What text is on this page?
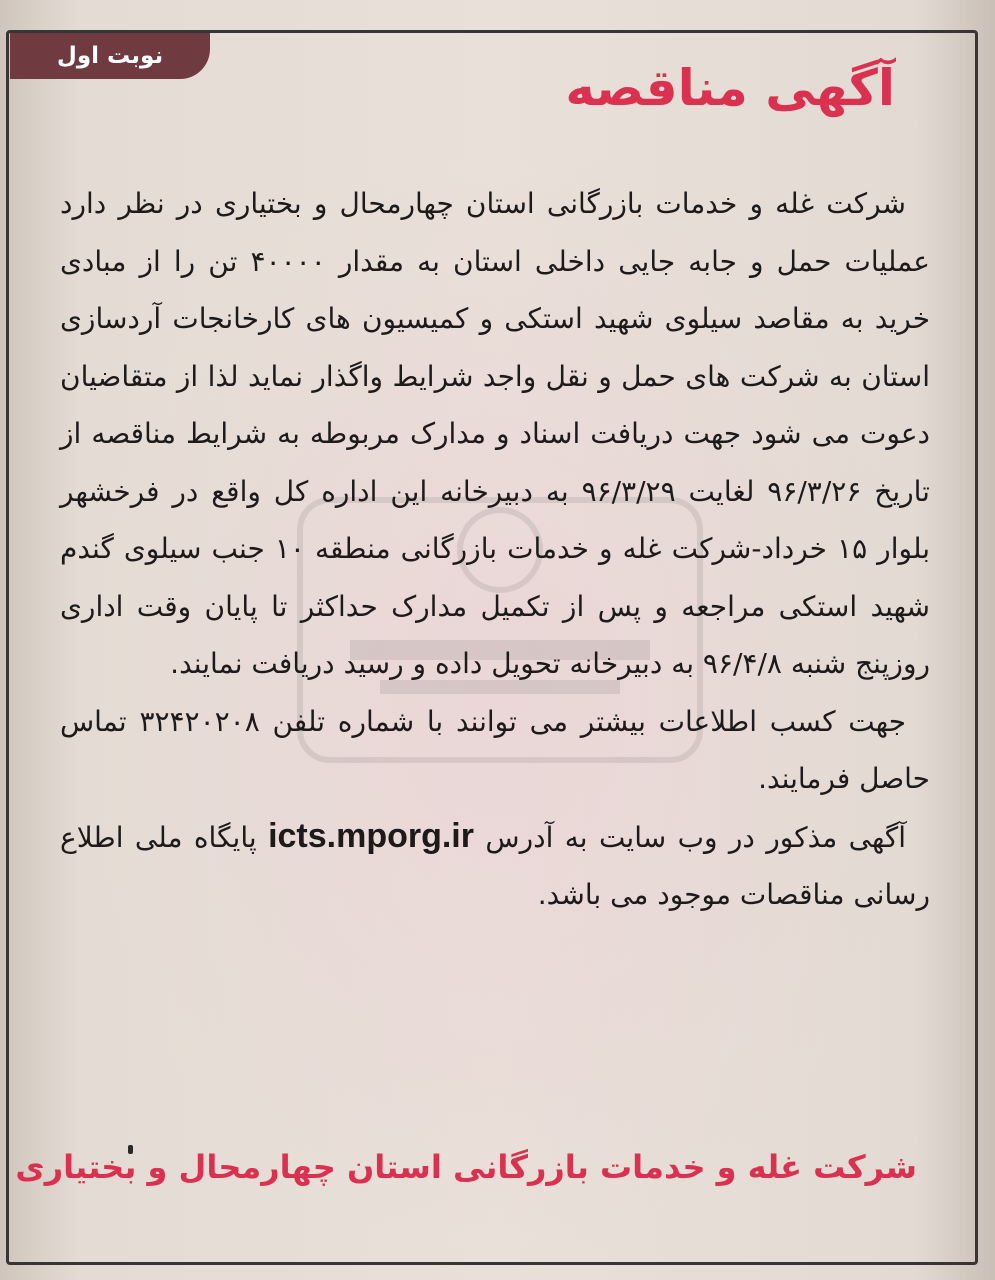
نوبت اول
آگهی مناقصه

شرکت غله و خدمات بازرگانی استان چهارمحال و بختیاری در نظر دارد عملیات حمل و جابه جایی داخلی استان به مقدار ۴۰۰۰۰ تن را از مبادی خرید به مقاصد سیلوی شهید استکی و کمیسیون های کارخانجات آردسازی استان به شرکت های حمل و نقل واجد شرایط واگذار نماید لذا از متقاضیان دعوت می شود جهت دریافت اسناد و مدارک مربوطه به شرایط مناقصه از تاریخ ۹۶/۳/۲۶ لغایت ۹۶/۳/۲۹ به دبیرخانه این اداره کل واقع در فرخشهر بلوار ۱۵ خرداد-شرکت غله و خدمات بازرگانی منطقه ۱۰ جنب سیلوی گندم شهید استکی مراجعه و پس از تکمیل مدارک حداکثر تا پایان وقت اداری روزپنج شنبه ۹۶/۴/۸ به دبیرخانه تحویل داده و رسید دریافت نمایند.

جهت کسب اطلاعات بیشتر می توانند با شماره تلفن ۳۲۴۲۰۲۰۸ تماس حاصل فرمایند.

آگهی مذکور در وب سایت به آدرس icts.mporg.ir پایگاه ملی اطلاع رسانی مناقصات موجود می باشد.

شرکت غله و خدمات بازرگانی استان چهارمحال و بختیاری
